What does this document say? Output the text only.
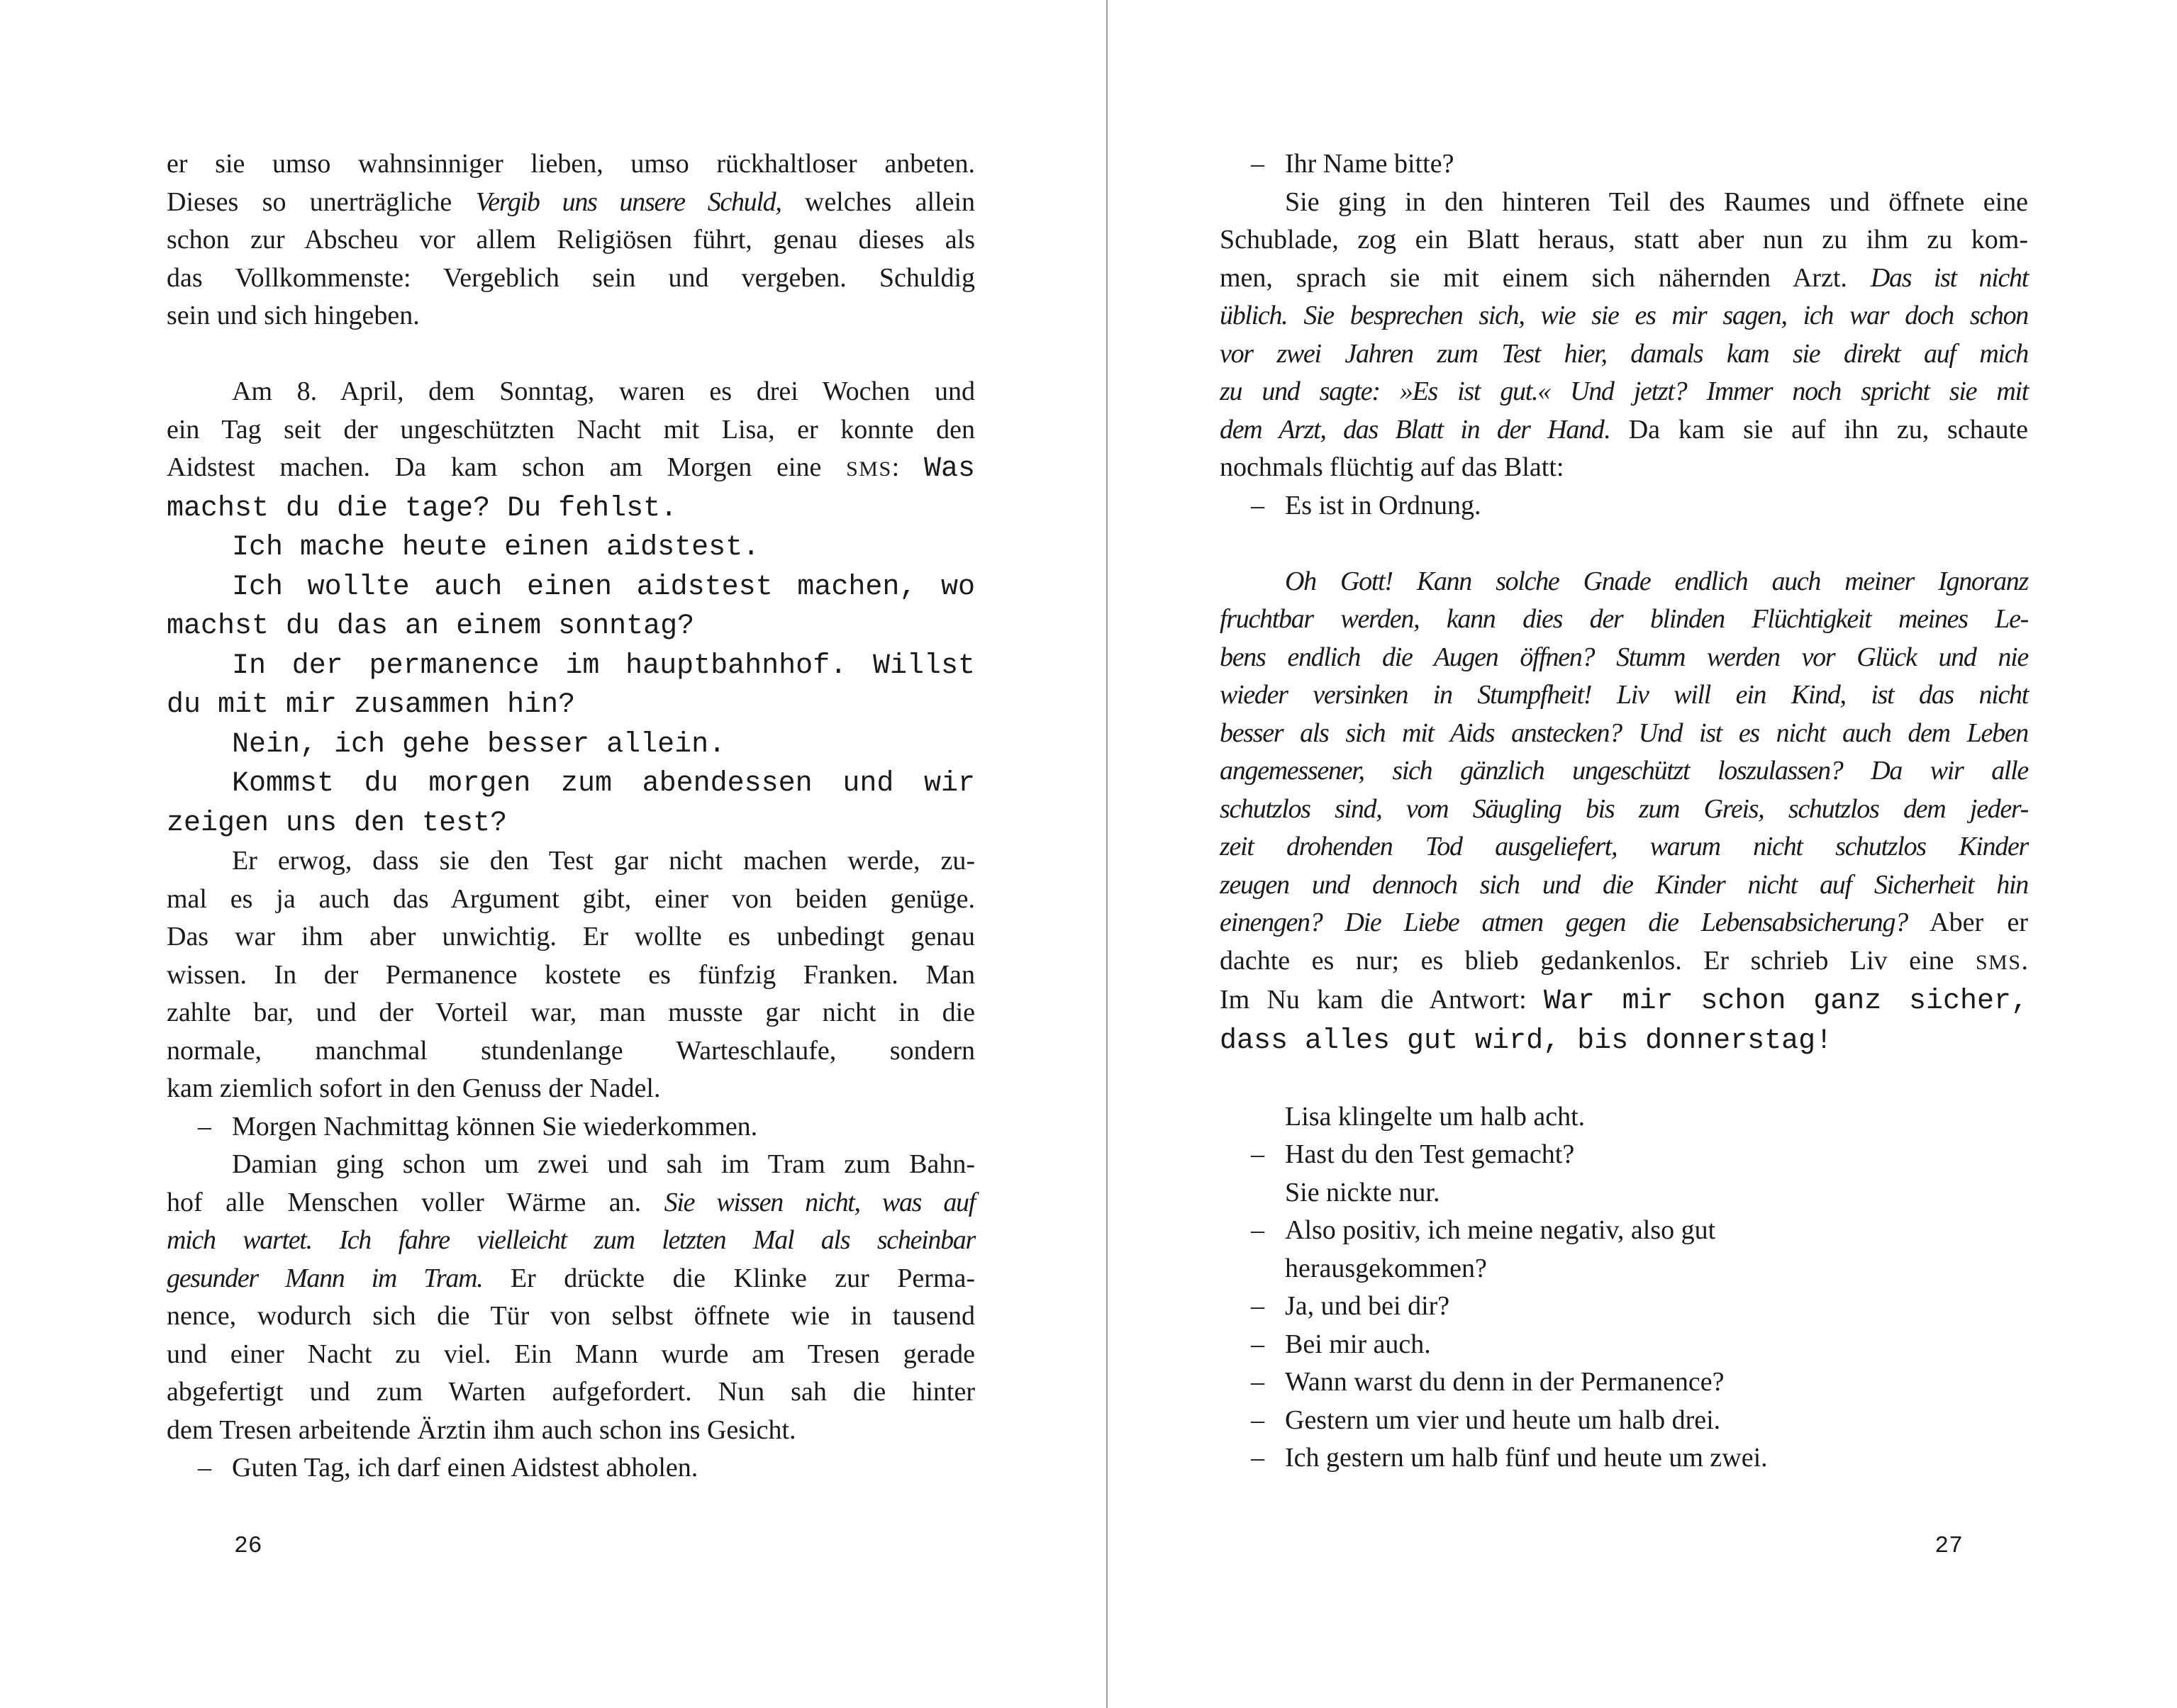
er sie umso wahnsinniger lieben, umso rückhaltloser anbeten.
Dieses so unerträgliche Vergib uns unsere Schuld, welches allein
schon zur Abscheu vor allem Religiösen führt, genau dieses als
das Vollkommenste: Vergeblich sein und vergeben. Schuldig
sein und sich hingeben.
Am 8. April, dem Sonntag, waren es drei Wochen und
ein Tag seit der ungeschützten Nacht mit Lisa, er konnte den
Aidstest machen. Da kam schon am Morgen eine SMS: Was
machst du die tage? Du fehlst.
Ich mache heute einen aidstest.
Ich wollte auch einen aidstest machen, wo
machst du das an einem sonntag?
In der permanence im hauptbahnhof. Willst
du mit mir zusammen hin?
Nein, ich gehe besser allein.
Kommst du morgen zum abendessen und wir
zeigen uns den test?
Er erwog, dass sie den Test gar nicht machen werde, zu-
mal es ja auch das Argument gibt, einer von beiden genüge.
Das war ihm aber unwichtig. Er wollte es unbedingt genau
wissen. In der Permanence kostete es fünfzig Franken. Man
zahlte bar, und der Vorteil war, man musste gar nicht in die
normale, manchmal stundenlange Warteschlaufe, sondern
kam ziemlich sofort in den Genuss der Nadel.
– Morgen Nachmittag können Sie wiederkommen.
Damian ging schon um zwei und sah im Tram zum Bahn-
hof alle Menschen voller Wärme an. Sie wissen nicht, was auf
mich wartet. Ich fahre vielleicht zum letzten Mal als scheinbar
gesunder Mann im Tram. Er drückte die Klinke zur Perma-
nence, wodurch sich die Tür von selbst öffnete wie in tausend
und einer Nacht zu viel. Ein Mann wurde am Tresen gerade
abgefertigt und zum Warten aufgefordert. Nun sah die hinter
dem Tresen arbeitende Ärztin ihm auch schon ins Gesicht.
– Guten Tag, ich darf einen Aidstest abholen.
– Ihr Name bitte?
Sie ging in den hinteren Teil des Raumes und öffnete eine
Schublade, zog ein Blatt heraus, statt aber nun zu ihm zu kom-
men, sprach sie mit einem sich nähernden Arzt. Das ist nicht
üblich. Sie besprechen sich, wie sie es mir sagen, ich war doch schon
vor zwei Jahren zum Test hier, damals kam sie direkt auf mich
zu und sagte: »Es ist gut.« Und jetzt? Immer noch spricht sie mit
dem Arzt, das Blatt in der Hand. Da kam sie auf ihn zu, schaute
nochmals flüchtig auf das Blatt:
– Es ist in Ordnung.
Oh Gott! Kann solche Gnade endlich auch meiner Ignoranz
fruchtbar werden, kann dies der blinden Flüchtigkeit meines Le-
bens endlich die Augen öffnen? Stumm werden vor Glück und nie
wieder versinken in Stumpfheit! Liv will ein Kind, ist das nicht
besser als sich mit Aids anstecken? Und ist es nicht auch dem Leben
angemessener, sich gänzlich ungeschützt loszulassen? Da wir alle
schutzlos sind, vom Säugling bis zum Greis, schutzlos dem jeder-
zeit drohenden Tod ausgeliefert, warum nicht schutzlos Kinder
zeugen und dennoch sich und die Kinder nicht auf Sicherheit hin
einengen? Die Liebe atmen gegen die Lebensabsicherung? Aber er
dachte es nur; es blieb gedankenlos. Er schrieb Liv eine SMS.
Im Nu kam die Antwort: War mir schon ganz sicher,
dass alles gut wird, bis donnerstag!
Lisa klingelte um halb acht.
– Hast du den Test gemacht?
Sie nickte nur.
– Also positiv, ich meine negativ, also gut
herausgekommen?
– Ja, und bei dir?
– Bei mir auch.
– Wann warst du denn in der Permanence?
– Gestern um vier und heute um halb drei.
– Ich gestern um halb fünf und heute um zwei.
26	27
